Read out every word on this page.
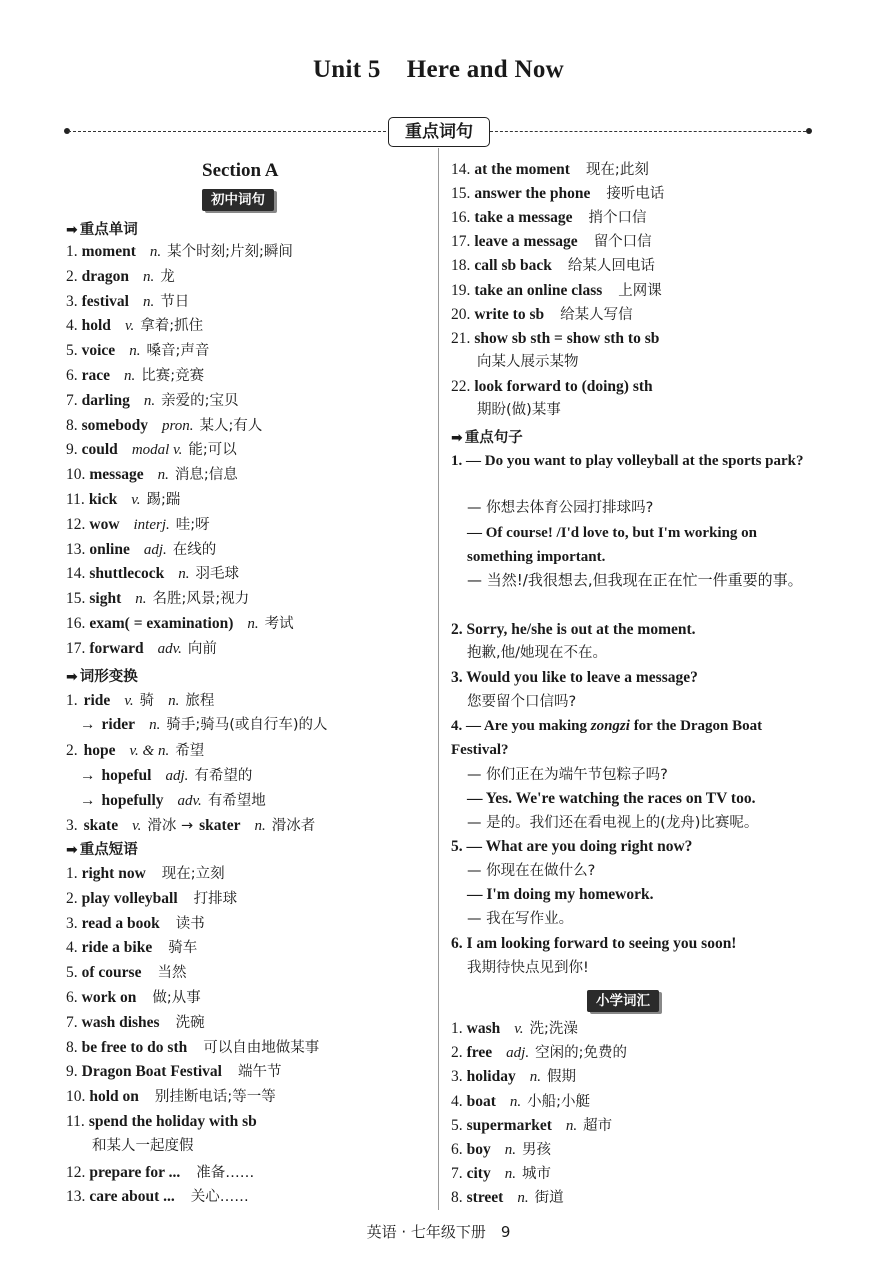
Unit 5 Here and Now
重点词句
Section A
初中词句
➡ 重点单词
1. moment n. 某个时刻;片刻;瞬间
2. dragon n. 龙
3. festival n. 节日
4. hold v. 拿着;抓住
5. voice n. 嗓音;声音
6. race n. 比赛;竞赛
7. darling n. 亲爱的;宝贝
8. somebody pron. 某人;有人
9. could modal v. 能;可以
10. message n. 消息;信息
11. kick v. 踢;踹
12. wow interj. 哇;呀
13. online adj. 在线的
14. shuttlecock n. 羽毛球
15. sight n. 名胜;风景;视力
16. exam( = examination) n. 考试
17. forward adv. 向前
➡ 词形变换
1. ride v. 骑 n. 旅程
→ rider n. 骑手;骑马(或自行车)的人
2. hope v. & n. 希望
→ hopeful adj. 有希望的
→ hopefully adv. 有希望地
3. skate v. 滑冰 → skater n. 滑冰者
➡ 重点短语
1. right now 现在;立刻
2. play volleyball 打排球
3. read a book 读书
4. ride a bike 骑车
5. of course 当然
6. work on 做;从事
7. wash dishes 洗碗
8. be free to do sth 可以自由地做某事
9. Dragon Boat Festival 端午节
10. hold on 别挂断电话;等一等
11. spend the holiday with sb
和某人一起度假
12. prepare for ... 准备……
13. care about ... 关心……
14. at the moment 现在;此刻
15. answer the phone 接听电话
16. take a message 捎个口信
17. leave a message 留个口信
18. call sb back 给某人回电话
19. take an online class 上网课
20. write to sb 给某人写信
21. show sb sth = show sth to sb
向某人展示某物
22. look forward to (doing) sth
期盼(做)某事
➡ 重点句子
1. — Do you want to play volleyball at the sports park?
— 你想去体育公园打排球吗?
— Of course! /I'd love to, but I'm working on something important.
— 当然!/我很想去,但我现在正在忙一件重要的事。
2. Sorry, he/she is out at the moment.
抱歉,他/她现在不在。
3. Would you like to leave a message?
您要留个口信吗?
4. — Are you making zongzi for the Dragon Boat Festival?
— 你们正在为端午节包粽子吗?
— Yes. We're watching the races on TV too.
— 是的。我们还在看电视上的(龙舟)比赛呢。
5. — What are you doing right now?
— 你现在在做什么?
— I'm doing my homework.
— 我在写作业。
6. I am looking forward to seeing you soon!
我期待快点见到你!
小学词汇
1. wash v. 洗;洗澡
2. free adj. 空闲的;免费的
3. holiday n. 假期
4. boat n. 小船;小艇
5. supermarket n. 超市
6. boy n. 男孩
7. city n. 城市
8. street n. 街道
英语 · 七年级下册　9
